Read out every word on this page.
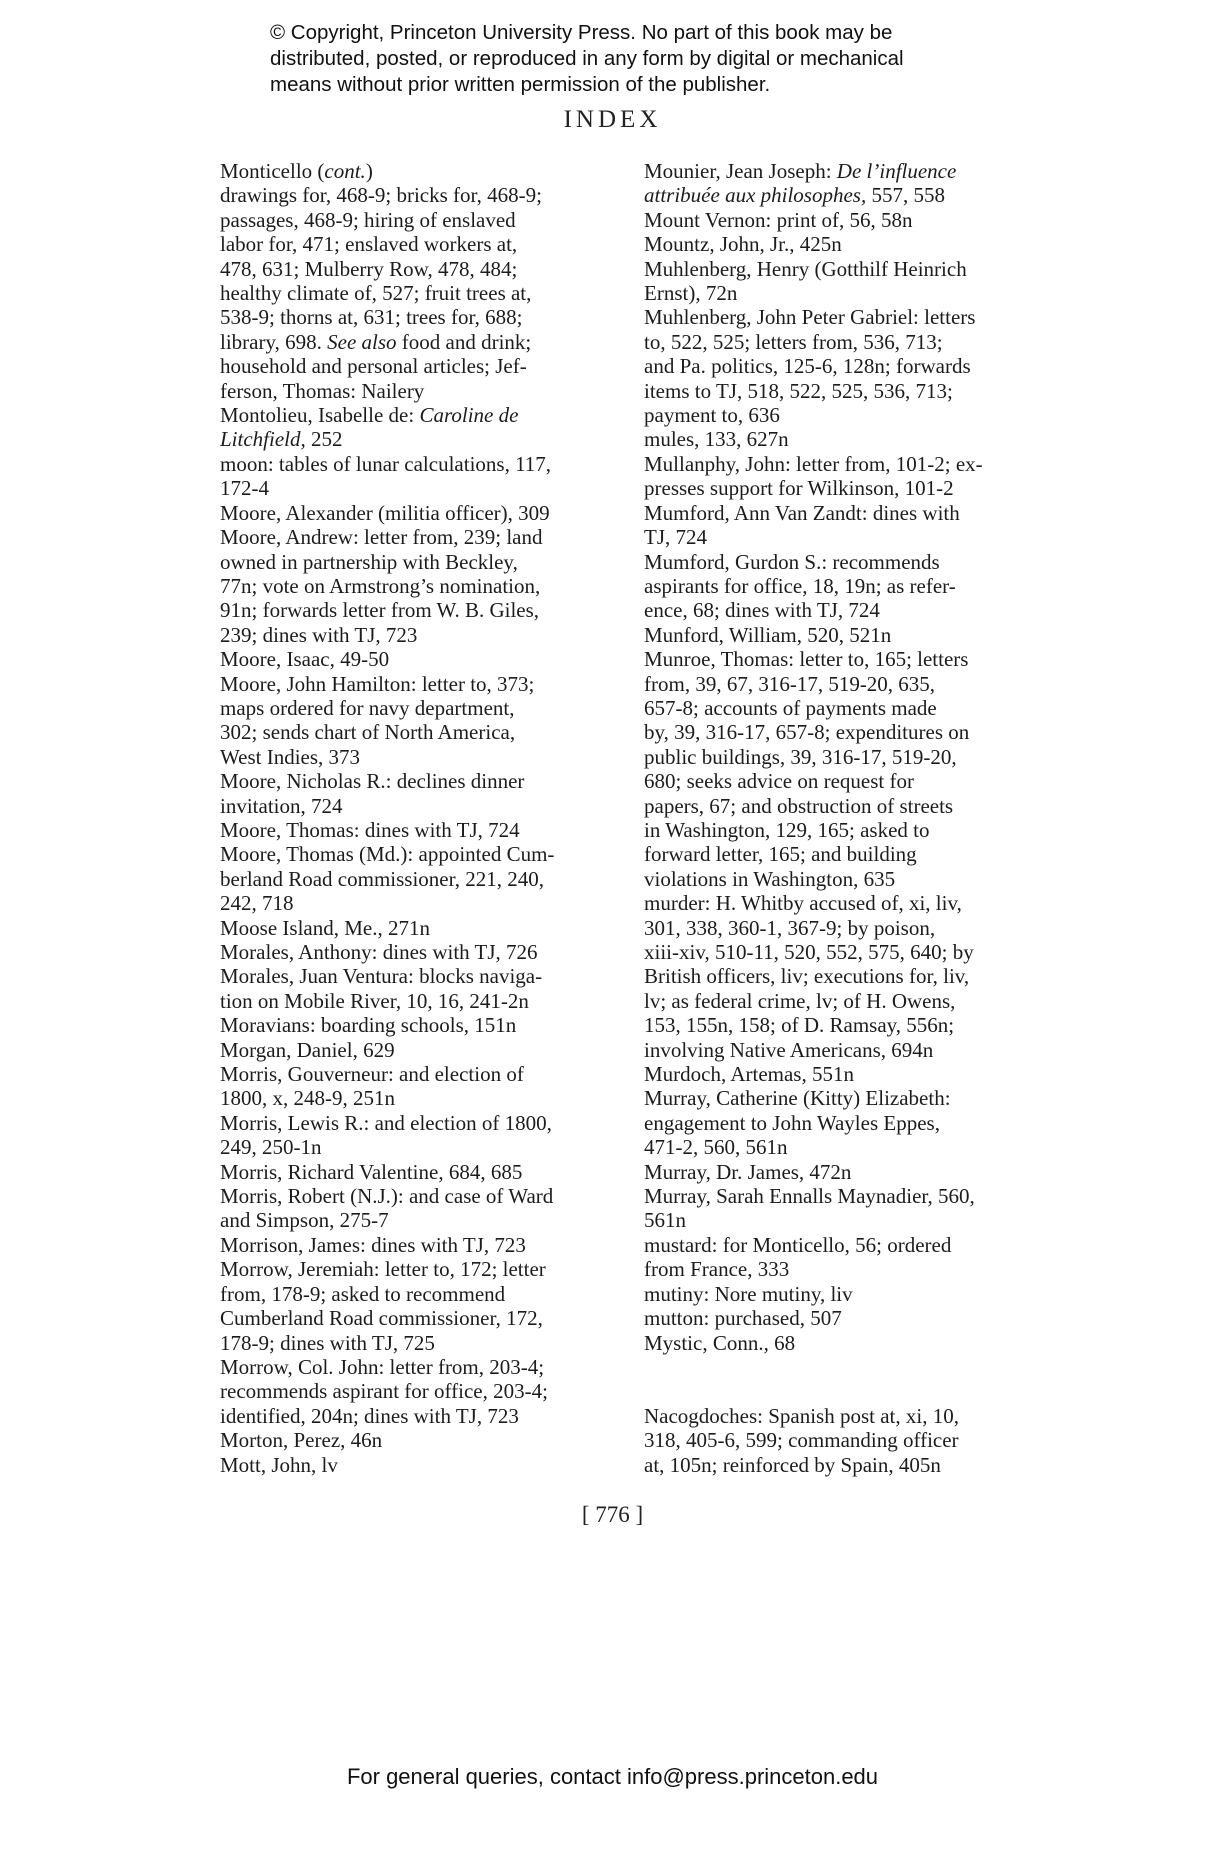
© Copyright, Princeton University Press. No part of this book may be
distributed, posted, or reproduced in any form by digital or mechanical
means without prior written permission of the publisher.
INDEX
Monticello (cont.)
drawings for, 468-9; bricks for, 468-9;
passages, 468-9; hiring of enslaved
labor for, 471; enslaved workers at,
478, 631; Mulberry Row, 478, 484;
healthy climate of, 527; fruit trees at,
538-9; thorns at, 631; trees for, 688;
library, 698. See also food and drink;
household and personal articles; Jef-
ferson, Thomas: Nailery
Montolieu, Isabelle de: Caroline de
Litchfield, 252
moon: tables of lunar calculations, 117,
172-4
Moore, Alexander (militia officer), 309
Moore, Andrew: letter from, 239; land
owned in partnership with Beckley,
77n; vote on Armstrong’s nomination,
91n; forwards letter from W. B. Giles,
239; dines with TJ, 723
Moore, Isaac, 49-50
Moore, John Hamilton: letter to, 373;
maps ordered for navy department,
302; sends chart of North America,
West Indies, 373
Moore, Nicholas R.: declines dinner
invitation, 724
Moore, Thomas: dines with TJ, 724
Moore, Thomas (Md.): appointed Cum-
berland Road commissioner, 221, 240,
242, 718
Moose Island, Me., 271n
Morales, Anthony: dines with TJ, 726
Morales, Juan Ventura: blocks naviga-
tion on Mobile River, 10, 16, 241-2n
Moravians: boarding schools, 151n
Morgan, Daniel, 629
Morris, Gouverneur: and election of
1800, x, 248-9, 251n
Morris, Lewis R.: and election of 1800,
249, 250-1n
Morris, Richard Valentine, 684, 685
Morris, Robert (N.J.): and case of Ward
and Simpson, 275-7
Morrison, James: dines with TJ, 723
Morrow, Jeremiah: letter to, 172; letter
from, 178-9; asked to recommend
Cumberland Road commissioner, 172,
178-9; dines with TJ, 725
Morrow, Col. John: letter from, 203-4;
recommends aspirant for office, 203-4;
identified, 204n; dines with TJ, 723
Morton, Perez, 46n
Mott, John, lv
Mounier, Jean Joseph: De l’influence
attribuée aux philosophes, 557, 558
Mount Vernon: print of, 56, 58n
Mountz, John, Jr., 425n
Muhlenberg, Henry (Gotthilf Heinrich
Ernst), 72n
Muhlenberg, John Peter Gabriel: letters
to, 522, 525; letters from, 536, 713;
and Pa. politics, 125-6, 128n; forwards
items to TJ, 518, 522, 525, 536, 713;
payment to, 636
mules, 133, 627n
Mullanphy, John: letter from, 101-2; ex-
presses support for Wilkinson, 101-2
Mumford, Ann Van Zandt: dines with
TJ, 724
Mumford, Gurdon S.: recommends
aspirants for office, 18, 19n; as refer-
ence, 68; dines with TJ, 724
Munford, William, 520, 521n
Munroe, Thomas: letter to, 165; letters
from, 39, 67, 316-17, 519-20, 635,
657-8; accounts of payments made
by, 39, 316-17, 657-8; expenditures on
public buildings, 39, 316-17, 519-20,
680; seeks advice on request for
papers, 67; and obstruction of streets
in Washington, 129, 165; asked to
forward letter, 165; and building
violations in Washington, 635
murder: H. Whitby accused of, xi, liv,
301, 338, 360-1, 367-9; by poison,
xiii-xiv, 510-11, 520, 552, 575, 640; by
British officers, liv; executions for, liv,
lv; as federal crime, lv; of H. Owens,
153, 155n, 158; of D. Ramsay, 556n;
involving Native Americans, 694n
Murdoch, Artemas, 551n
Murray, Catherine (Kitty) Elizabeth:
engagement to John Wayles Eppes,
471-2, 560, 561n
Murray, Dr. James, 472n
Murray, Sarah Ennalls Maynadier, 560,
561n
mustard: for Monticello, 56; ordered
from France, 333
mutiny: Nore mutiny, liv
mutton: purchased, 507
Mystic, Conn., 68
Nacogdoches: Spanish post at, xi, 10,
318, 405-6, 599; commanding officer
at, 105n; reinforced by Spain, 405n
[ 776 ]
For general queries, contact info@press.princeton.edu
